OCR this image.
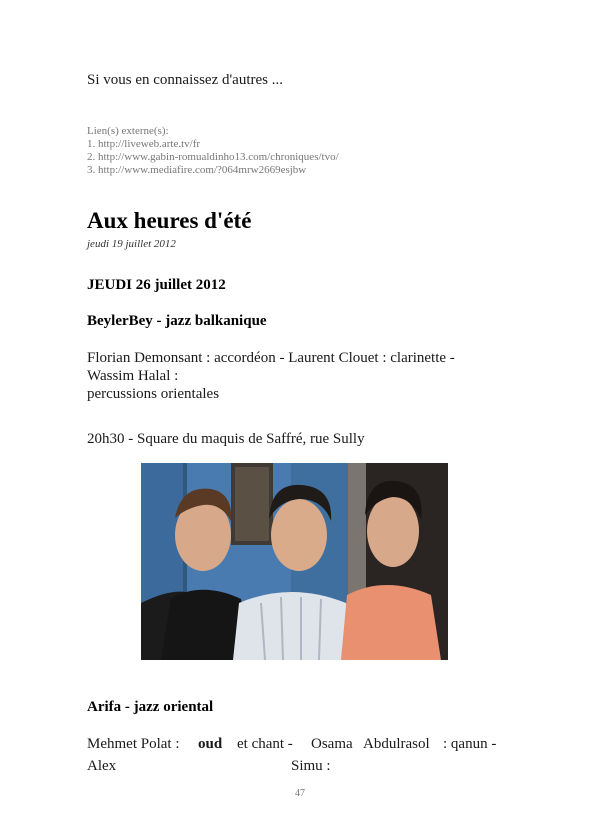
Si vous en connaissez d'autres ...
Lien(s) externe(s):
1. http://liveweb.arte.tv/fr
2. http://www.gabin-romualdinho13.com/chroniques/tvo/
3. http://www.mediafire.com/?064mrw2669esjbw
Aux heures d'été
jeudi 19 juillet 2012
JEUDI 26 juillet 2012
BeylerBey - jazz balkanique
Florian Demonsant : accordéon - Laurent Clouet : clarinette -
Wassim Halal :
percussions orientales
20h30 - Square du maquis de Saffré, rue Sully
Arifa - jazz oriental
Mehmet Polat : oud et chant - Osama Abdulrasol : qanun -
Alex	Simu :
47
